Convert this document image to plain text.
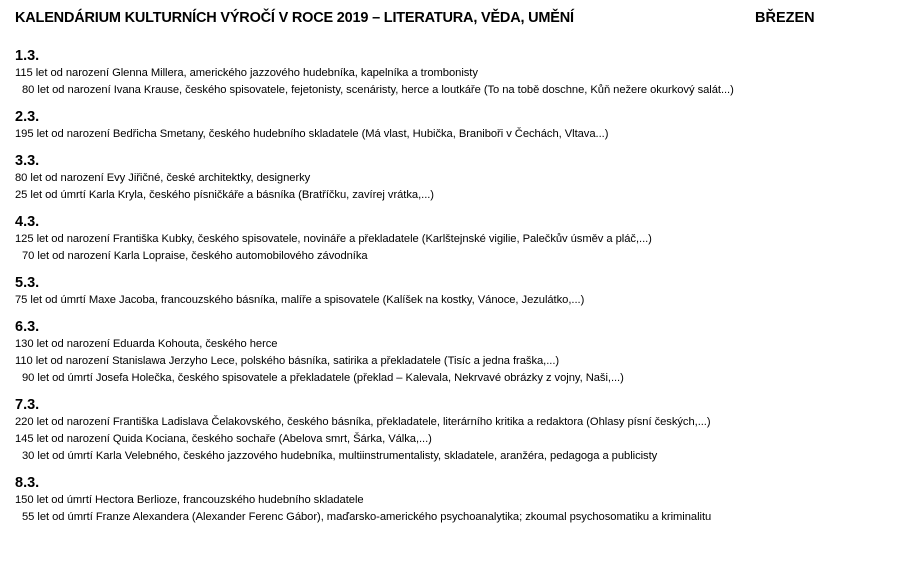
KALENDÁRIUM KULTURNÍCH VÝROČÍ V ROCE 2019 – LITERATURA, VĚDA, UMĚNÍ	BŘEZEN
1.3.
115 let od narození Glenna Millera, amerického jazzového hudebníka, kapelníka a trombonisty
80 let od narození Ivana Krause, českého spisovatele, fejetonisty, scenáristy, herce a loutkáře (To na tobě doschne, Kůň nežere okurkový salát...)
2.3.
195 let od narození Bedřicha Smetany, českého hudebního skladatele (Má vlast, Hubička, Braniboři v Čechách, Vltava...)
3.3.
80 let od narození Evy Jiřičné, české architektky, designerky
25 let od úmrtí Karla Kryla, českého písničkáře a básníka (Bratříčku, zavírej vrátka,...)
4.3.
125 let od narození Františka Kubky, českého spisovatele, novináře a překladatele (Karlštejnské vigilie, Palečkův úsměv a pláč,...)
70 let od narození Karla Lopraise, českého automobilového závodníka
5.3.
75 let od úmrtí Maxe Jacoba, francouzského básníka, malíře a spisovatele (Kalíšek na kostky, Vánoce, Jezulátko,...)
6.3.
130 let od narození Eduarda Kohouta, českého herce
110 let od narození Stanislawa Jerzyho Lece, polského básníka, satirika a překladatele (Tisíc a jedna fraška,...)
90 let od úmrtí Josefa Holečka, českého spisovatele a překladatele (překlad – Kalevala, Nekrvavé obrázky z vojny, Naši,...)
7.3.
220 let od narození Františka Ladislava Čelakovského, českého básníka, překladatele, literárního kritika a redaktora (Ohlasy písní českých,...)
145 let od narození Quida Kociana, českého sochaře (Abelova smrt, Šárka, Válka,...)
30 let od úmrtí Karla Velebného, českého jazzového hudebníka, multiinstrumentalisty, skladatele, aranžéra, pedagoga a publicisty
8.3.
150 let od úmrtí Hectora Berlioze, francouzského hudebního skladatele
55 let od úmrtí Franze Alexandera (Alexander Ferenc Gábor), maďarsko-amerického psychoanalytika; zkoumal psychosomatiku a kriminalitu
